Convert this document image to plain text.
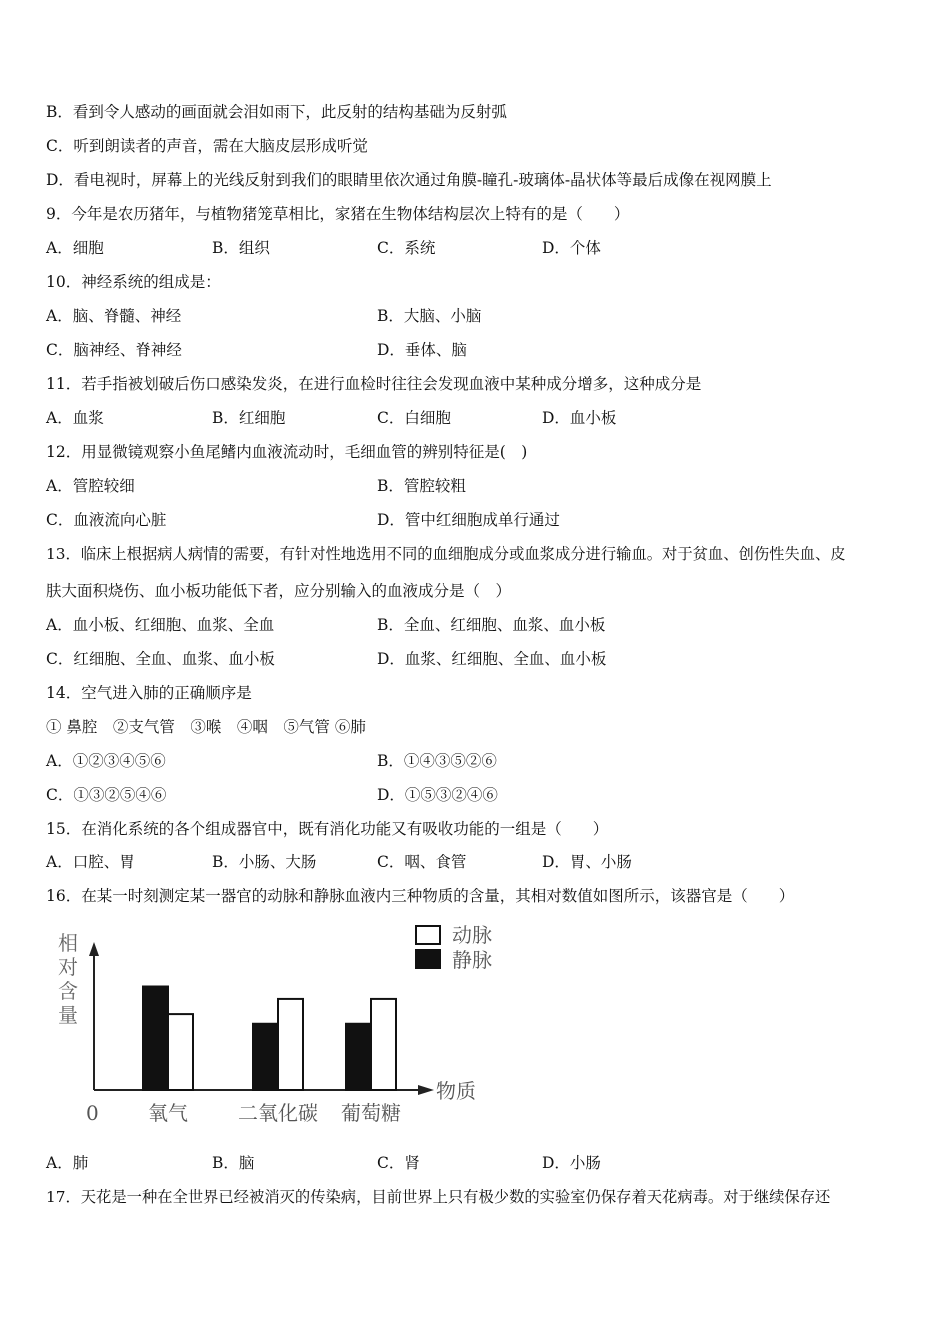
B．看到令人感动的画面就会泪如雨下，此反射的结构基础为反射弧
C．听到朗读者的声音，需在大脑皮层形成听觉
D．看电视时，屏幕上的光线反射到我们的眼睛里依次通过角膜-瞳孔-玻璃体-晶状体等最后成像在视网膜上
9．今年是农历猪年，与植物猪笼草相比，家猪在生物体结构层次上特有的是（　　）
A．细胞	B．组织	C．系统	D．个体
10．神经系统的组成是：
A．脑、脊髓、神经	B．大脑、小脑
C．脑神经、脊神经	D．垂体、脑
11．若手指被划破后伤口感染发炎，在进行血检时往往会发现血液中某种成分增多，这种成分是
A．血浆	B．红细胞	C．白细胞	D．血小板
12．用显微镜观察小鱼尾鳍内血液流动时，毛细血管的辨别特征是(　)
A．管腔较细	B．管腔较粗
C．血液流向心脏	D．管中红细胞成单行通过
13．临床上根据病人病情的需要，有针对性地选用不同的血细胞成分或血浆成分进行输血。对于贫血、创伤性失血、皮
肤大面积烧伤、血小板功能低下者，应分别输入的血液成分是（　）
A．血小板、红细胞、血浆、全血	B．全血、红细胞、血浆、血小板
C．红细胞、全血、血浆、血小板	D．血浆、红细胞、全血、血小板
14．空气进入肺的正确顺序是
① 鼻腔　②支气管　③喉　④咽　⑤气管 ⑥肺
A．①②③④⑤⑥	B．①④③⑤②⑥
C．①③②⑤④⑥	D．①⑤③②④⑥
15．在消化系统的各个组成器官中，既有消化功能又有吸收功能的一组是（　　）
A．口腔、胃	B．小肠、大肠	C．咽、食管	D．胃、小肠
16．在某一时刻测定某一器官的动脉和静脉血液内三种物质的含量，其相对数值如图所示，该器官是（　　）
相
对
含
量
物质
0
动脉
静脉
氧气	二氧化碳 葡萄糖
A．肺	B．脑	C．肾	D．小肠
17．天花是一种在全世界已经被消灭的传染病，目前世界上只有极少数的实验室仍保存着天花病毒。对于继续保存还
